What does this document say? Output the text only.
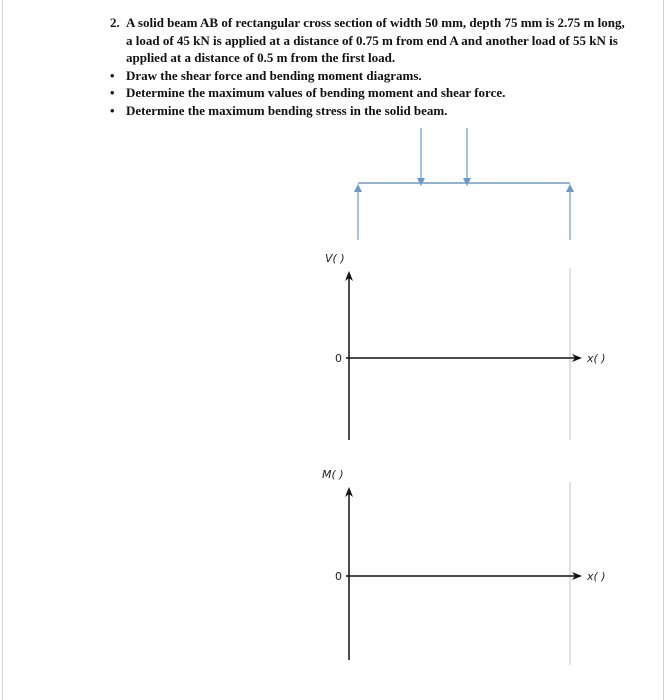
2. A solid beam AB of rectangular cross section of width 50 mm, depth 75 mm is 2.75 m long, a load of 45 kN is applied at a distance of 0.75 m from end A and another load of 55 kN is applied at a distance of 0.5 m from the first load.
• Draw the shear force and bending moment diagrams.
• Determine the maximum values of bending moment and shear force.
• Determine the maximum bending stress in the solid beam.
V( )
x( )
0
M( )
x( )
0
